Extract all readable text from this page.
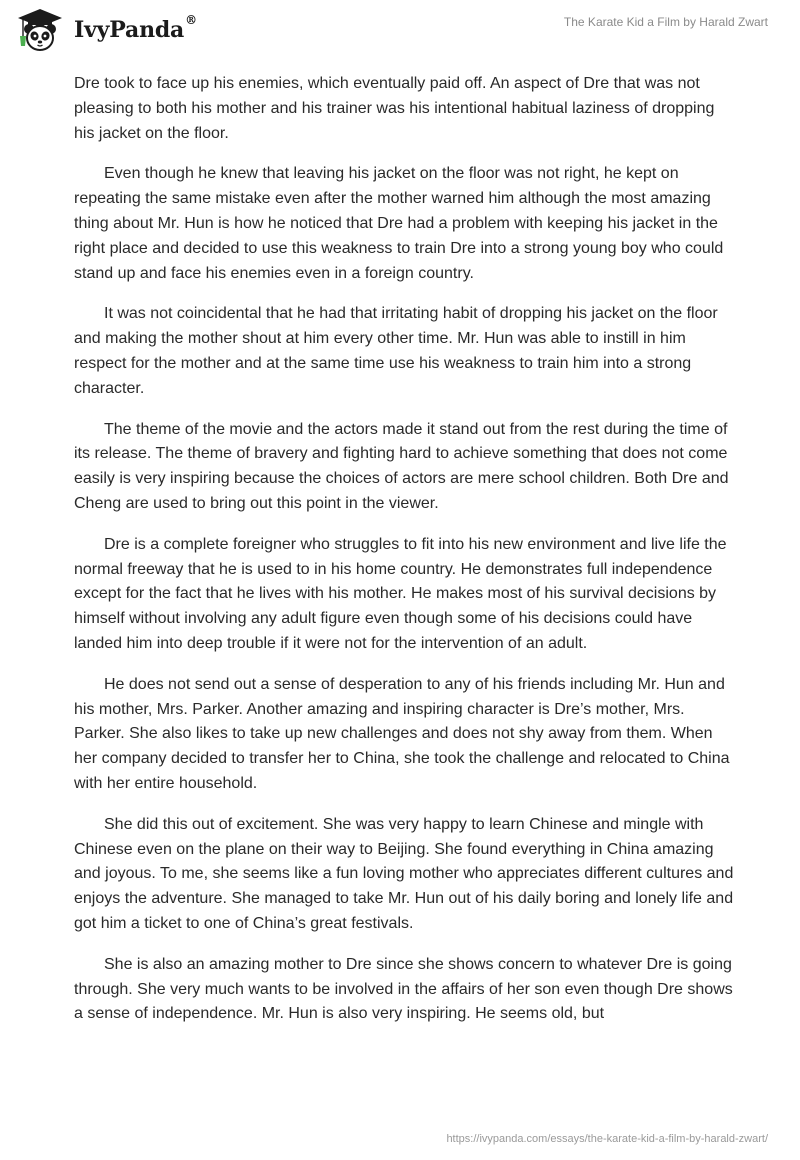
IvyPanda®	The Karate Kid a Film by Harald Zwart

Dre took to face up his enemies, which eventually paid off. An aspect of Dre that was not pleasing to both his mother and his trainer was his intentional habitual laziness of dropping his jacket on the floor.

Even though he knew that leaving his jacket on the floor was not right, he kept on repeating the same mistake even after the mother warned him although the most amazing thing about Mr. Hun is how he noticed that Dre had a problem with keeping his jacket in the right place and decided to use this weakness to train Dre into a strong young boy who could stand up and face his enemies even in a foreign country.

It was not coincidental that he had that irritating habit of dropping his jacket on the floor and making the mother shout at him every other time. Mr. Hun was able to instill in him respect for the mother and at the same time use his weakness to train him into a strong character.

The theme of the movie and the actors made it stand out from the rest during the time of its release. The theme of bravery and fighting hard to achieve something that does not come easily is very inspiring because the choices of actors are mere school children. Both Dre and Cheng are used to bring out this point in the viewer.

Dre is a complete foreigner who struggles to fit into his new environment and live life the normal freeway that he is used to in his home country. He demonstrates full independence except for the fact that he lives with his mother. He makes most of his survival decisions by himself without involving any adult figure even though some of his decisions could have landed him into deep trouble if it were not for the intervention of an adult.

He does not send out a sense of desperation to any of his friends including Mr. Hun and his mother, Mrs. Parker. Another amazing and inspiring character is Dre’s mother, Mrs. Parker. She also likes to take up new challenges and does not shy away from them. When her company decided to transfer her to China, she took the challenge and relocated to China with her entire household.

She did this out of excitement. She was very happy to learn Chinese and mingle with Chinese even on the plane on their way to Beijing. She found everything in China amazing and joyous. To me, she seems like a fun loving mother who appreciates different cultures and enjoys the adventure. She managed to take Mr. Hun out of his daily boring and lonely life and got him a ticket to one of China’s great festivals.

She is also an amazing mother to Dre since she shows concern to whatever Dre is going through. She very much wants to be involved in the affairs of her son even though Dre shows a sense of independence. Mr. Hun is also very inspiring. He seems old, but

https://ivypanda.com/essays/the-karate-kid-a-film-by-harald-zwart/
